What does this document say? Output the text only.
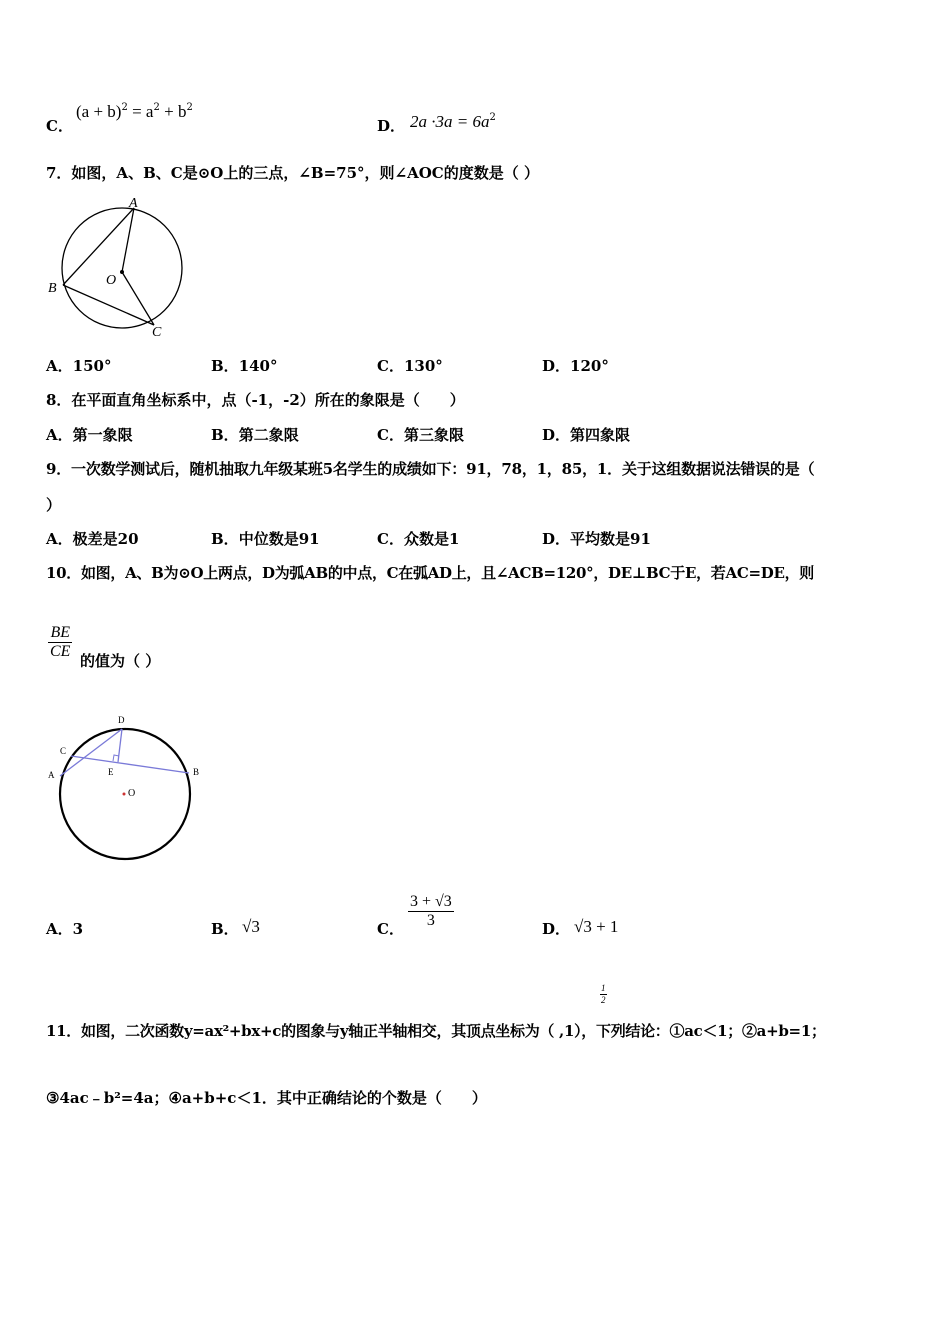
C．
$(a + b)^2 = a^2 + b^2$
D． $2a \cdot 3a = 6a^2$
7．如图，A、B、C是⊙O上的三点，∠B=75°，则∠AOC的度数是（ ）
A
B
C
O
A．150°	B．140°	C．130°	D．120°
8．在平面直角坐标系中，点（-1，-2）所在的象限是（　　）
A．第一象限	B．第二象限	C．第三象限	D．第四象限
9．一次数学测试后，随机抽取九年级某班5名学生的成绩如下：91，78，1，85，1．关于这组数据说法错误的是（
）
A．极差是20	B．中位数是91	C．众数是1	D．平均数是91
10．如图，A、B为⊙O上两点，D为弧AB的中点，C在弧AD上，且∠ACB=120°，DE⊥BC于E，若AC=DE，则
$\frac{BE}{CE}$ 的值为（ ）
D
C
A	E	B
O
A．3	B． √3	C． $\frac{3 + √3}{3}$	D． √3 + 1
$\frac{1}{2}$
11．如图，二次函数y=ax²+bx+c的图象与y轴正半轴相交，其顶点坐标为（ ,1），下列结论：①ac＜1；②a+b=1；
③4ac﹣b²=4a；④a+b+c＜1．其中正确结论的个数是（　　）
